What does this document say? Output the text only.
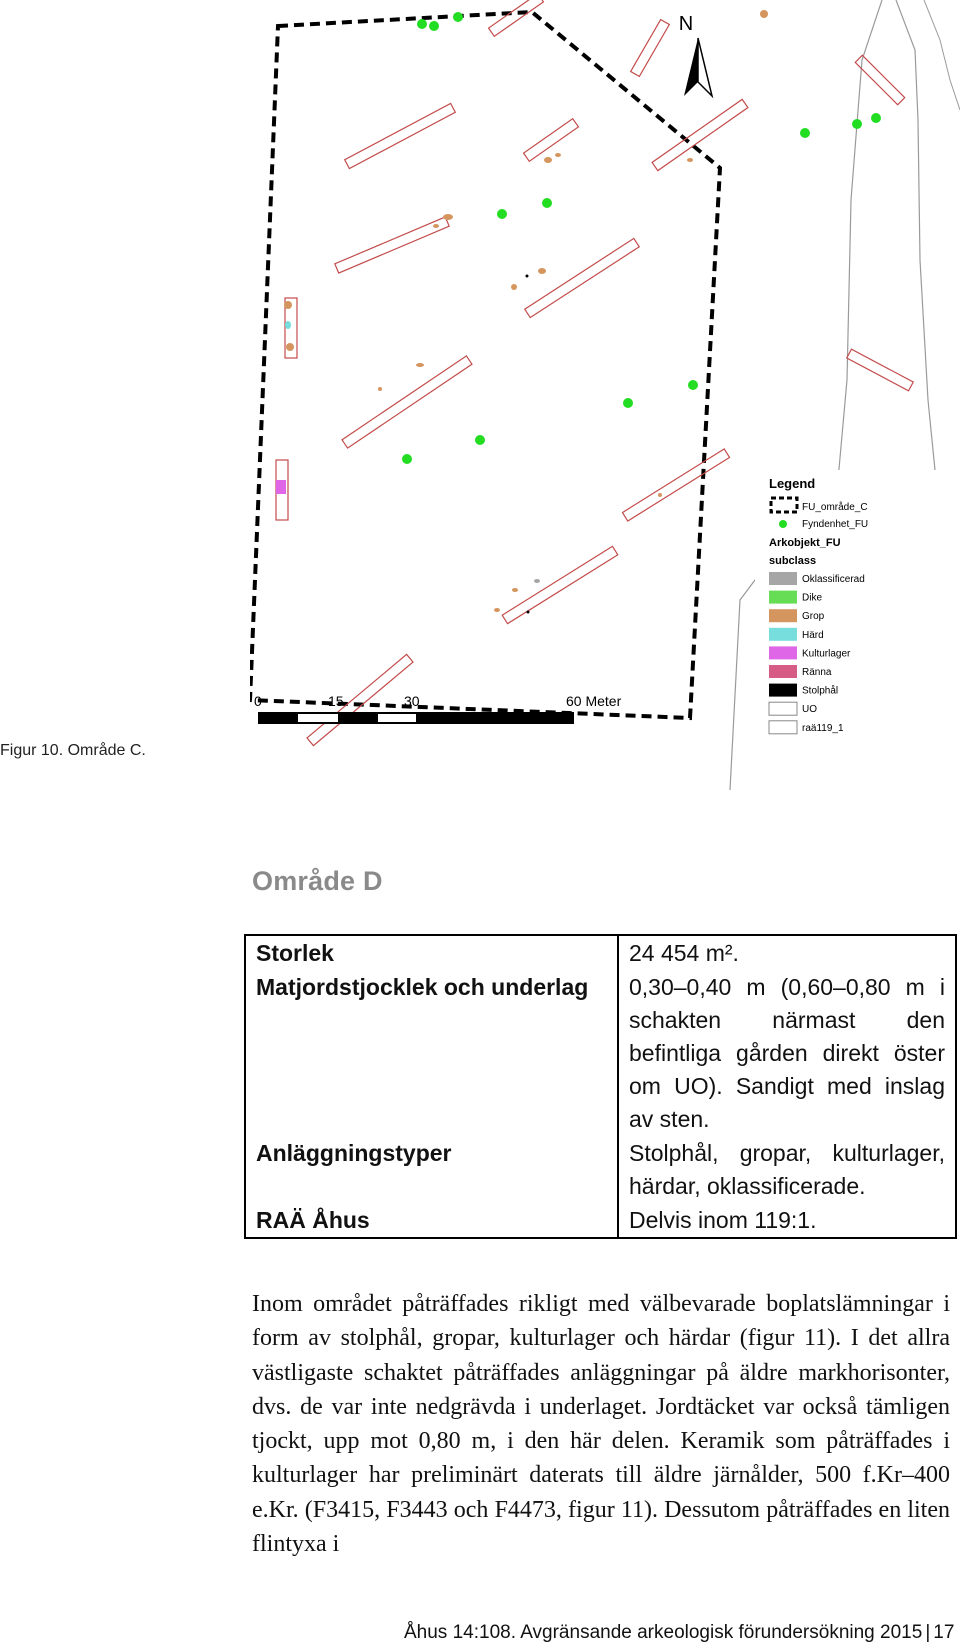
Figur 10. Område C.
N
0	15	30	60 Meter
Legend
FU_område_C
Fyndenhet_FU
Arkobjekt_FU
subclass
Oklassificerad
Dike
Grop
Härd
Kulturlager
Ränna
Stolphål
UO
raä119_1
Område D
Storlek	24 454 m².
Matjordstjocklek och underlag	0,30–0,40 m (0,60–0,80 m i schakten närmast den befintliga gården direkt öster om UO). Sandigt med inslag av sten.
Anläggningstyper	Stolphål, gropar, kulturlager, härdar, oklassificerade.
RAÄ Åhus	Delvis inom 119:1.
Inom området påträffades rikligt med välbevarade boplatslämningar i form av stolphål, gropar, kulturlager och härdar (figur 11). I det allra västligaste schaktet påträffades anläggningar på äldre markhorisonter, dvs. de var inte nedgrävda i underlaget. Jordtäcket var också tämligen tjockt, upp mot 0,80 m, i den här delen. Keramik som påträffades i kulturlager har preliminärt daterats till äldre järnålder, 500 f.Kr–400 e.Kr. (F3415, F3443 och F4473, figur 11). Dessutom påträffades en liten flintyxa i
Åhus 14:108. Avgränsande arkeologisk förundersökning 2015 | 17
